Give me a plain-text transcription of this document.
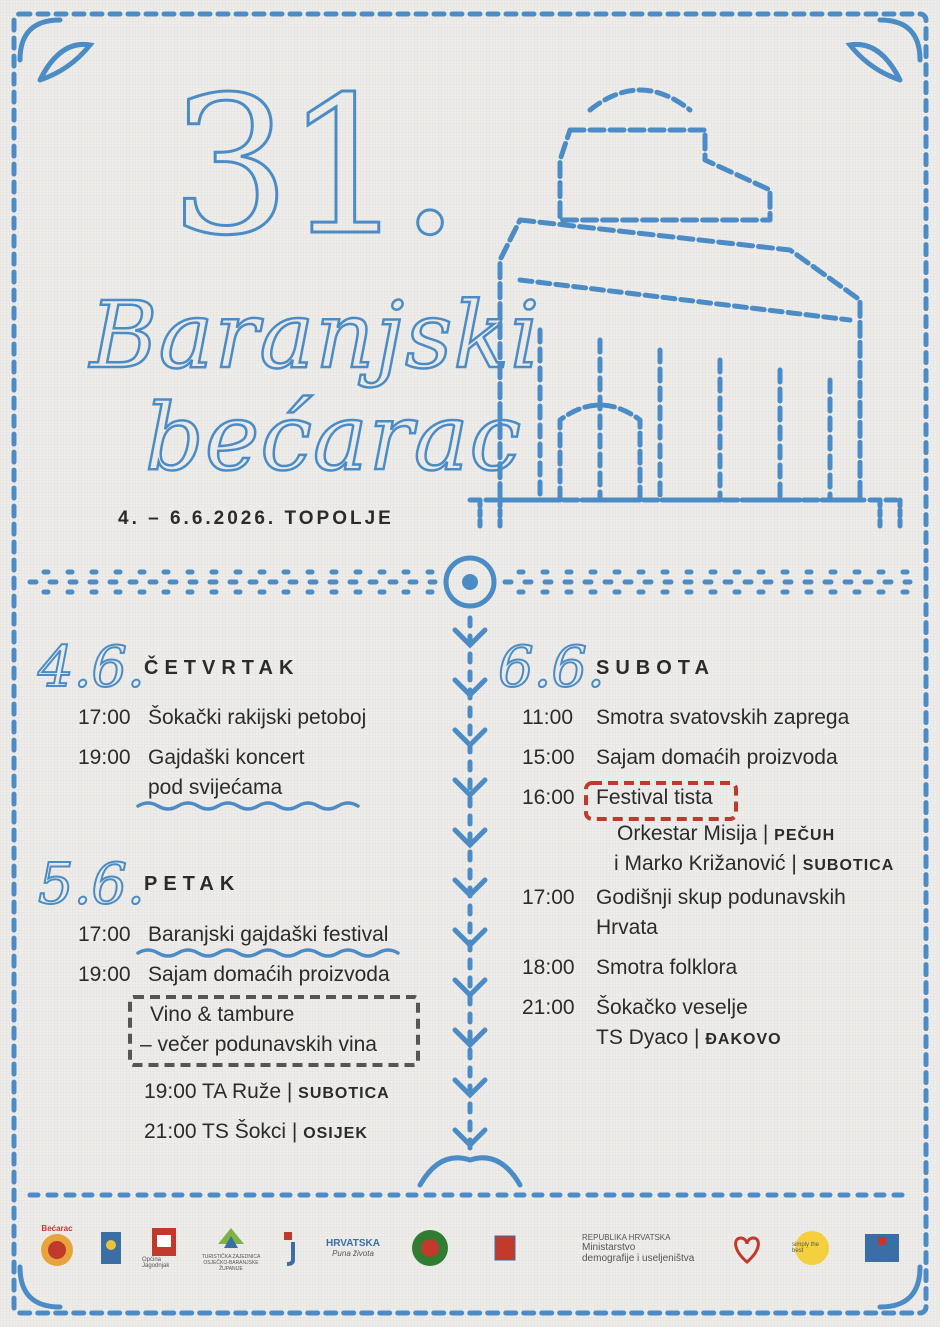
31.
Baranjski
bećarac
4. – 6.6.2026. TOPOLJE
4.6. ČETVRTAK
17:00 Šokački rakijski petoboj
19:00 Gajdaški koncert
pod svijećama
5.6. PETAK
17:00 Baranjski gajdaški festival
19:00 Sajam domaćih proizvoda
Vino & tambure
– večer podunavskih vina
19:00 TA Ruže | SUBOTICA
21:00 TS Šokci | OSIJEK
6.6.
SUBOTA
11:00 Smotra svatovskih zaprega
15:00 Sajam domaćih proizvoda
16:00 Festival tista
Orkestar Misija | PEČUH
i Marko Križanović | SUBOTICA
17:00 Godišnji skup podunavskih
Hrvata
18:00 Smotra folklora
21:00 Šokačko veselje
TS Dyaco | ĐAKOVO
Bećarac
Općina Jagodnjak
TURISTIČKA ZAJEDNICA OSJEČKO-BARANJSKE ŽUPANIJE
HRVATSKA
Puna života
REPUBLIKA HRVATSKA
Ministarstvo
demografije i useljeništva
simply the best
